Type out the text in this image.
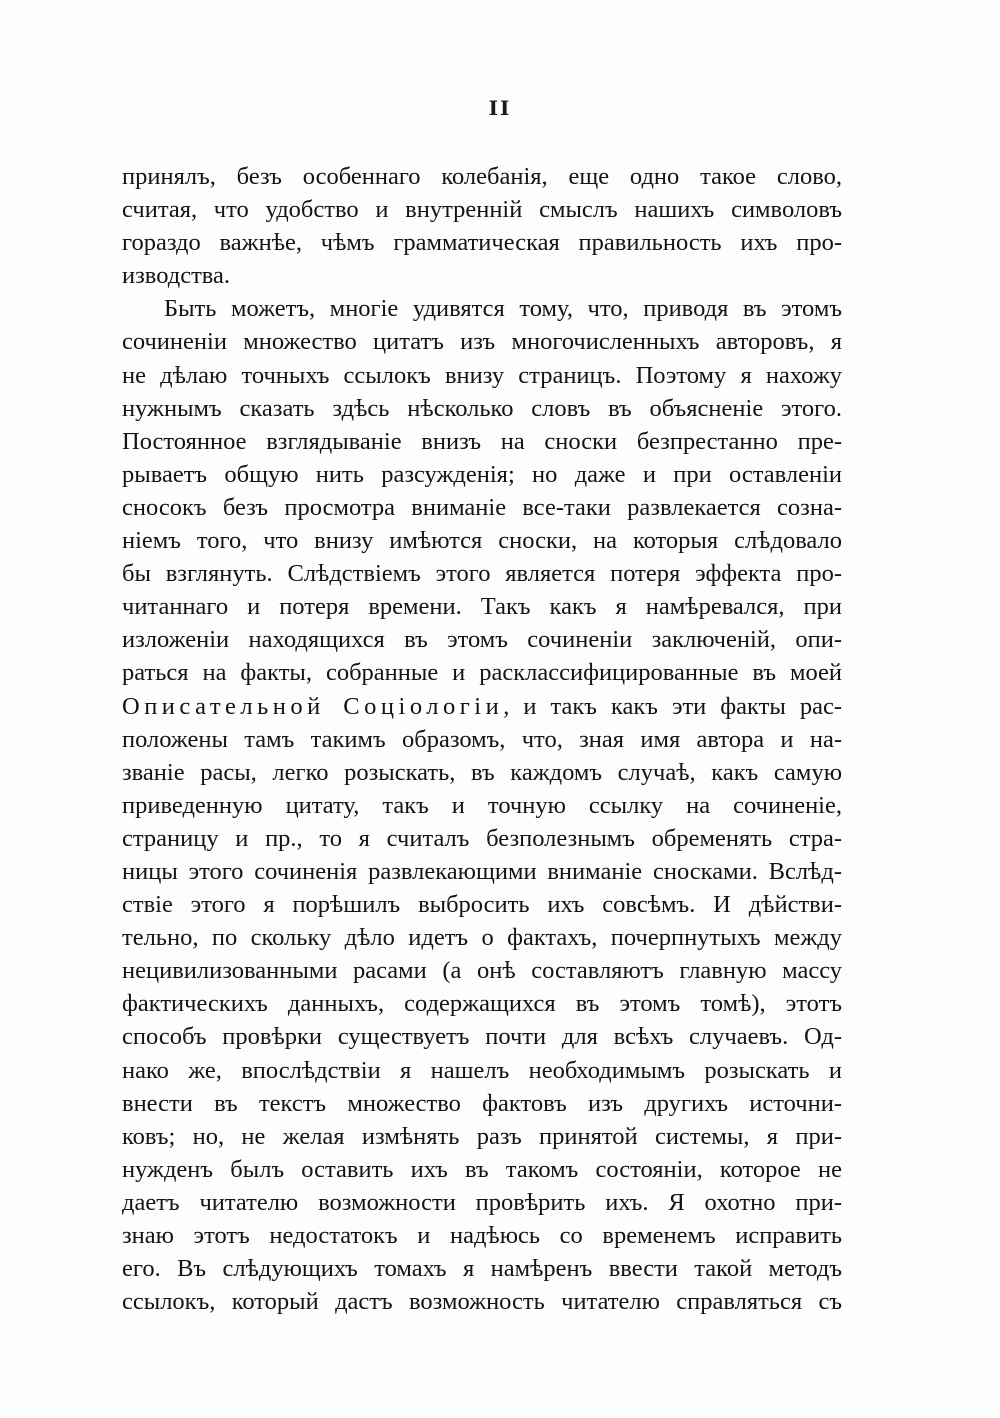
II
принялъ, безъ особеннаго колебанія, еще одно такое слово,
считая, что удобство и внутренній смыслъ нашихъ символовъ
гораздо важнѣе, чѣмъ грамматическая правильность ихъ про-
изводства.
Быть можетъ, многіе удивятся тому, что, приводя въ этомъ
сочиненіи множество цитатъ изъ многочисленныхъ авторовъ, я
не дѣлаю точныхъ ссылокъ внизу страницъ. Поэтому я нахожу
нужнымъ сказать здѣсь нѣсколько словъ въ объясненіе этого.
Постоянное взглядываніе внизъ на сноски безпрестанно пре-
рываетъ общую нить разсужденія; но даже и при оставленіи
сносокъ безъ просмотра вниманіе все-таки развлекается созна-
ніемъ того, что внизу имѣются сноски, на которыя слѣдовало
бы взглянуть. Слѣдствіемъ этого является потеря эффекта про-
читаннаго и потеря времени. Такъ какъ я намѣревался, при
изложеніи находящихся въ этомъ сочиненіи заключеній, опи-
раться на факты, собранные и расклассифицированные въ моей
Описательной Соціологіи, и такъ какъ эти факты рас-
положены тамъ такимъ образомъ, что, зная имя автора и на-
званіе расы, легко розыскать, въ каждомъ случаѣ, какъ самую
приведенную цитату, такъ и точную ссылку на сочиненіе,
страницу и пр., то я считалъ безполезнымъ обременять стра-
ницы этого сочиненія развлекающими вниманіе сносками. Вслѣд-
ствіе этого я порѣшилъ выбросить ихъ совсѣмъ. И дѣйстви-
тельно, по скольку дѣло идетъ о фактахъ, почерпнутыхъ между
нецивилизованными расами (а онѣ составляютъ главную массу
фактическихъ данныхъ, содержащихся въ этомъ томѣ), этотъ
способъ провѣрки существуетъ почти для всѣхъ случаевъ. Од-
нако же, впослѣдствіи я нашелъ необходимымъ розыскать и
внести въ текстъ множество фактовъ изъ другихъ источни-
ковъ; но, не желая измѣнять разъ принятой системы, я при-
нужденъ былъ оставить ихъ въ такомъ состояніи, которое не
даетъ читателю возможности провѣрить ихъ. Я охотно при-
знаю этотъ недостатокъ и надѣюсь со временемъ исправить
его. Въ слѣдующихъ томахъ я намѣренъ ввести такой методъ
ссылокъ, который дастъ возможность читателю справляться съ
